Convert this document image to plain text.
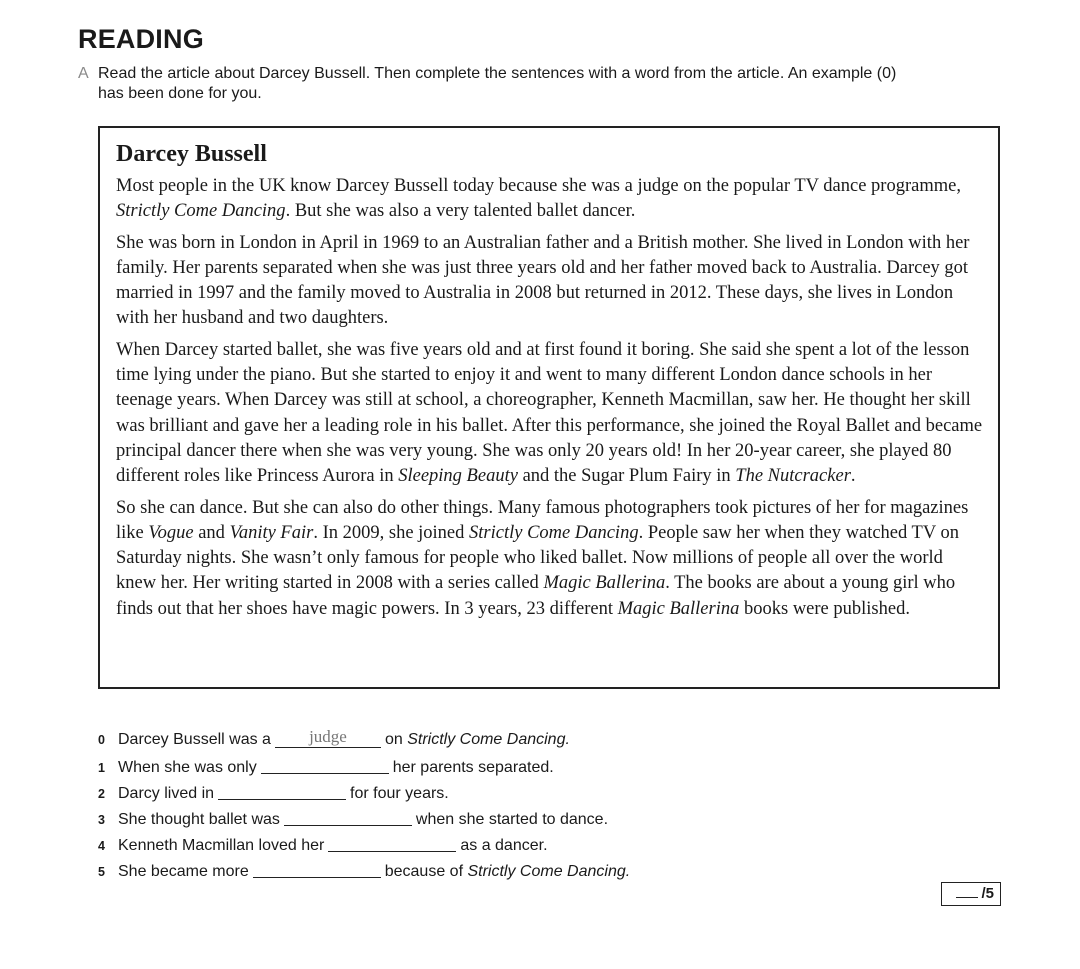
READING
A Read the article about Darcey Bussell. Then complete the sentences with a word from the article. An example (0)
has been done for you.
Darcey Bussell

Most people in the UK know Darcey Bussell today because she was a judge on the popular TV dance programme, Strictly Come Dancing. But she was also a very talented ballet dancer.

She was born in London in April in 1969 to an Australian father and a British mother. She lived in London with her family. Her parents separated when she was just three years old and her father moved back to Australia. Darcey got married in 1997 and the family moved to Australia in 2008 but returned in 2012. These days, she lives in London with her husband and two daughters.

When Darcey started ballet, she was five years old and at first found it boring. She said she spent a lot of the lesson time lying under the piano. But she started to enjoy it and went to many different London dance schools in her teenage years. When Darcey was still at school, a choreographer, Kenneth Macmillan, saw her. He thought her skill was brilliant and gave her a leading role in his ballet. After this performance, she joined the Royal Ballet and became principal dancer there when she was very young. She was only 20 years old! In her 20-year career, she played 80 different roles like Princess Aurora in Sleeping Beauty and the Sugar Plum Fairy in The Nutcracker.

So she can dance. But she can also do other things. Many famous photographers took pictures of her for magazines like Vogue and Vanity Fair. In 2009, she joined Strictly Come Dancing. People saw her when they watched TV on Saturday nights. She wasn’t only famous for people who liked ballet. Now millions of people all over the world knew her. Her writing started in 2008 with a series called Magic Ballerina. The books are about a young girl who finds out that her shoes have magic powers. In 3 years, 23 different Magic Ballerina books were published.

0 Darcey Bussell was a judge on Strictly Come Dancing.
1 When she was only	her parents separated.
2 Darcy lived in	for four years.
3 She thought ballet was	when she started to dance.
4 Kenneth Macmillan loved her	as a dancer.
5 She became more	because of Strictly Come Dancing.
/5
